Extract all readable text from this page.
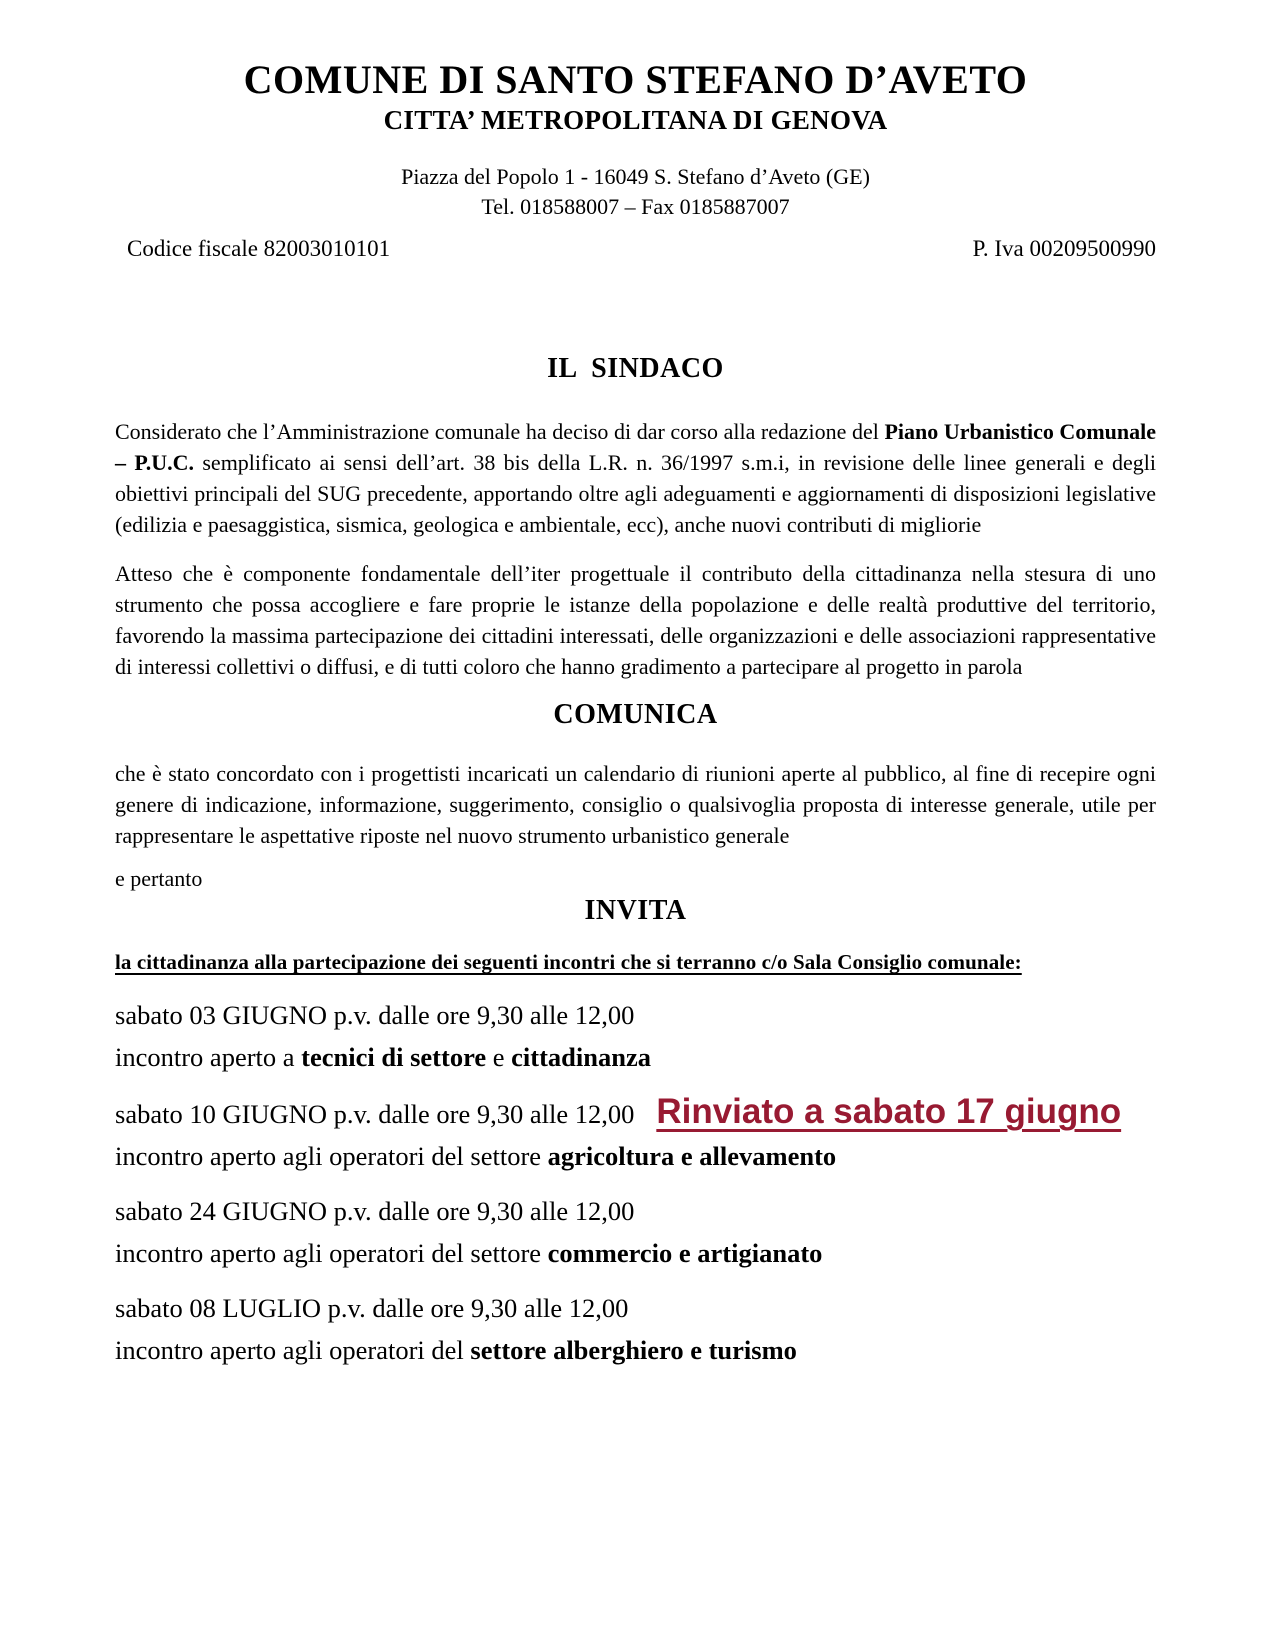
COMUNE DI SANTO STEFANO D’AVETO
CITTA’ METROPOLITANA DI GENOVA

Piazza del Popolo 1 - 16049 S. Stefano d’Aveto (GE)

Tel. 018588007 – Fax 0185887007

Codice fiscale 82003010101	P. Iva 00209500990
IL  SINDACO

Considerato che l’Amministrazione comunale ha deciso di dar corso alla redazione del Piano Urbanistico Comunale – P.U.C. semplificato ai sensi dell’art. 38 bis della L.R. n. 36/1997 s.m.i, in revisione delle linee generali e degli obiettivi principali del SUG precedente, apportando oltre agli adeguamenti e aggiornamenti di disposizioni legislative (edilizia e paesaggistica, sismica, geologica e ambientale, ecc), anche nuovi contributi di migliorie

Atteso che è componente fondamentale dell’iter progettuale il contributo della cittadinanza nella stesura di uno strumento che possa accogliere e fare proprie le istanze della popolazione e delle realtà produttive del territorio, favorendo la massima partecipazione dei cittadini interessati, delle organizzazioni e delle associazioni rappresentative di interessi collettivi o diffusi, e di tutti coloro che hanno gradimento a partecipare al progetto in parola

COMUNICA

che è stato concordato con i progettisti incaricati un calendario di riunioni aperte al pubblico, al fine di recepire ogni genere di indicazione, informazione, suggerimento, consiglio o qualsivoglia proposta di interesse generale, utile per rappresentare le aspettative riposte nel nuovo strumento urbanistico generale

e pertanto

INVITA

la cittadinanza alla partecipazione dei seguenti incontri che si terranno c/o Sala Consiglio comunale:

sabato 03 GIUGNO p.v. dalle ore 9,30 alle 12,00

incontro aperto a tecnici di settore e cittadinanza

sabato 10 GIUGNO p.v. dalle ore 9,30 alle 12,00 Rinviato a sabato 17 giugno

incontro aperto agli operatori del settore agricoltura e allevamento

sabato 24 GIUGNO p.v. dalle ore 9,30 alle 12,00

incontro aperto agli operatori del settore commercio e artigianato

sabato 08 LUGLIO p.v. dalle ore 9,30 alle 12,00

incontro aperto agli operatori del settore alberghiero e turismo
